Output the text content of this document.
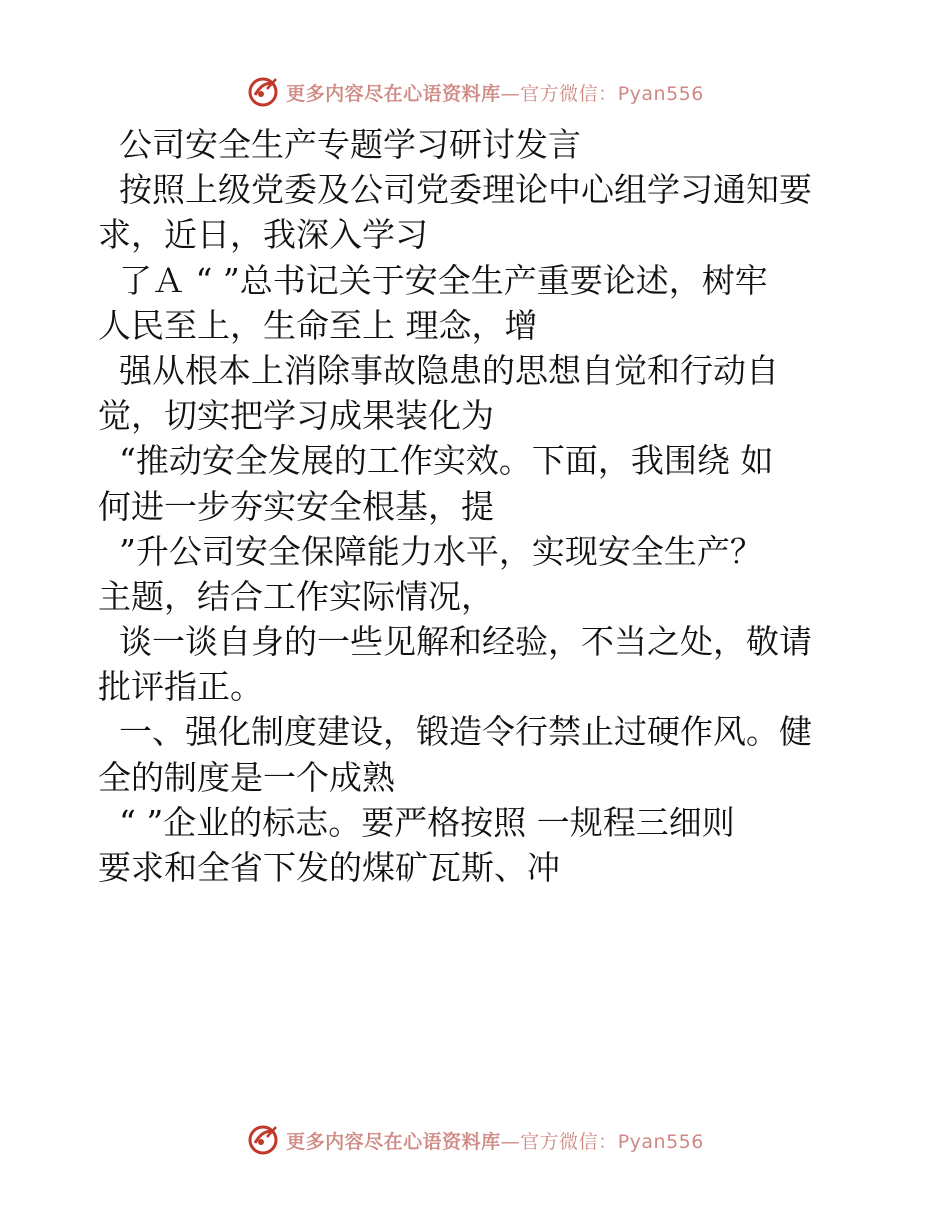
更多内容尽在心语资料库—官方微信：Pyan556
公司安全生产专题学习研讨发言
按照上级党委及公司党委理论中心组学习通知要
求，近日，我深入学习
了Ａ “ ”总书记关于安全生产重要论述，树牢
人民至上，生命至上 理念，增
强从根本上消除事故隐患的思想自觉和行动自
觉，切实把学习成果装化为
“推动安全发展的工作实效。下面，我围绕 如
何进一步夯实安全根基，提
”升公司安全保障能力水平，实现安全生产？
主题，结合工作实际情况，
谈一谈自身的一些见解和经验，不当之处，敬请
批评指正。
一、强化制度建设，锻造令行禁止过硬作风。健
全的制度是一个成熟
“ ”企业的标志。要严格按照 一规程三细则
要求和全省下发的煤矿瓦斯、冲
更多内容尽在心语资料库—官方微信：Pyan556
